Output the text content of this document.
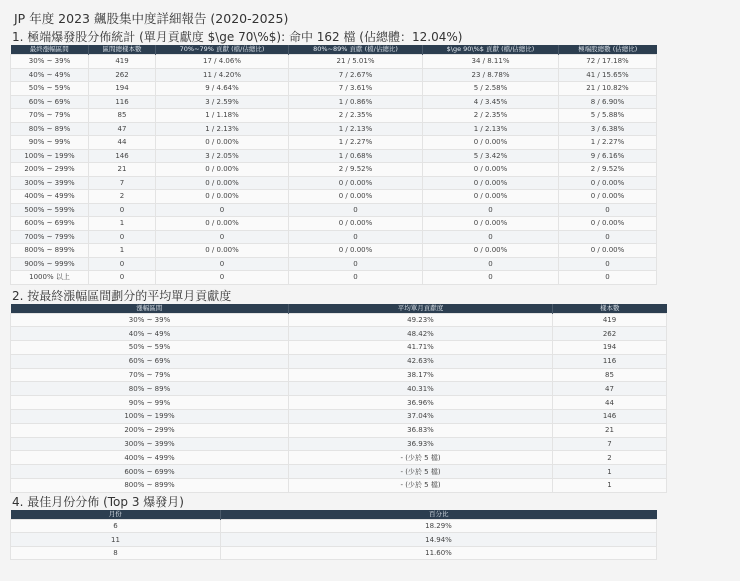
JP 年度 2023 飆股集中度詳細報告 (2020-2025)
1. 極端爆發股分佈統計 (單月貢獻度 $\ge 70\%$): 命中 162 檔 (佔總體：12.04%)
最終漲幅區間	區間總樣本數	70%~79% 貢獻 (檔/佔總比)	80%~89% 貢獻 (檔/佔總比)	$\ge 90\%$ 貢獻 (檔/佔總比)	極端股總數 (佔總比)
30% ~ 39%	419	17 / 4.06%	21 / 5.01%	34 / 8.11%	72 / 17.18%
40% ~ 49%	262	11 / 4.20%	7 / 2.67%	23 / 8.78%	41 / 15.65%
50% ~ 59%	194	9 / 4.64%	7 / 3.61%	5 / 2.58%	21 / 10.82%
60% ~ 69%	116	3 / 2.59%	1 / 0.86%	4 / 3.45%	8 / 6.90%
70% ~ 79%	85	1 / 1.18%	2 / 2.35%	2 / 2.35%	5 / 5.88%
80% ~ 89%	47	1 / 2.13%	1 / 2.13%	1 / 2.13%	3 / 6.38%
90% ~ 99%	44	0 / 0.00%	1 / 2.27%	0 / 0.00%	1 / 2.27%
100% ~ 199%	146	3 / 2.05%	1 / 0.68%	5 / 3.42%	9 / 6.16%
200% ~ 299%	21	0 / 0.00%	2 / 9.52%	0 / 0.00%	2 / 9.52%
300% ~ 399%	7	0 / 0.00%	0 / 0.00%	0 / 0.00%	0 / 0.00%
400% ~ 499%	2	0 / 0.00%	0 / 0.00%	0 / 0.00%	0 / 0.00%
500% ~ 599%	0	0	0	0	0
600% ~ 699%	1	0 / 0.00%	0 / 0.00%	0 / 0.00%	0 / 0.00%
700% ~ 799%	0	0	0	0	0
800% ~ 899%	1	0 / 0.00%	0 / 0.00%	0 / 0.00%	0 / 0.00%
900% ~ 999%	0	0	0	0	0
1000% 以上	0	0	0	0	0
2. 按最終漲幅區間劃分的平均單月貢獻度
漲幅區間	平均單月貢獻度	樣本數
30% ~ 39%	49.23%	419
40% ~ 49%	48.42%	262
50% ~ 59%	41.71%	194
60% ~ 69%	42.63%	116
70% ~ 79%	38.17%	85
80% ~ 89%	40.31%	47
90% ~ 99%	36.96%	44
100% ~ 199%	37.04%	146
200% ~ 299%	36.83%	21
300% ~ 399%	36.93%	7
400% ~ 499%	- (少於 5 檔)	2
600% ~ 699%	- (少於 5 檔)	1
800% ~ 899%	- (少於 5 檔)	1
4. 最佳月份分佈 (Top 3 爆發月)
月份	百分比
6	18.29%
11	14.94%
8	11.60%
